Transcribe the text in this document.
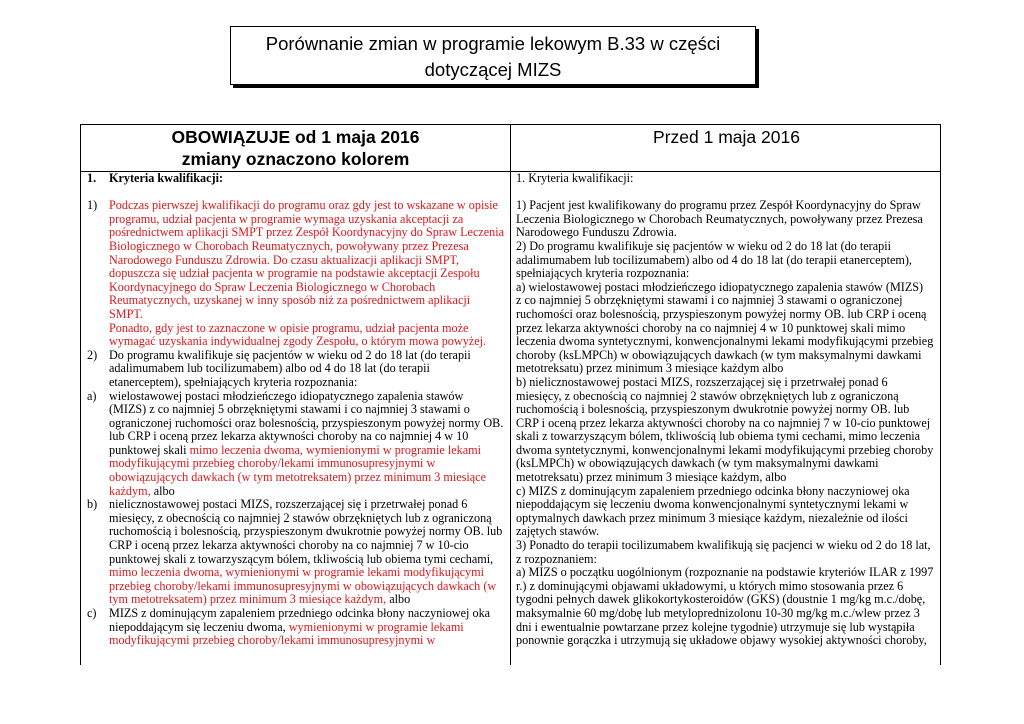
Porównanie zmian w programie lekowym B.33 w części
dotyczącej MIZS
OBOWIĄZUJE od 1 maja 2016
zmiany oznaczono kolorem
Przed 1 maja 2016
1. Kryteria kwalifikacji:
1) Podczas pierwszej kwalifikacji do programu oraz gdy jest to wskazane w opisie
programu, udział pacjenta w programie wymaga uzyskania akceptacji za
pośrednictwem aplikacji SMPT przez Zespół Koordynacyjny do Spraw Leczenia
Biologicznego w Chorobach Reumatycznych, powoływany przez Prezesa
Narodowego Funduszu Zdrowia. Do czasu aktualizacji aplikacji SMPT,
dopuszcza się udział pacjenta w programie na podstawie akceptacji Zespołu
Koordynacyjnego do Spraw Leczenia Biologicznego w Chorobach
Reumatycznych, uzyskanej w inny sposób niż za pośrednictwem aplikacji
SMPT.
Ponadto, gdy jest to zaznaczone w opisie programu, udział pacjenta może
wymagać uzyskania indywidualnej zgody Zespołu, o którym mowa powyżej.
2) Do programu kwalifikuje się pacjentów w wieku od 2 do 18 lat (do terapii
adalimumabem lub tocilizumabem) albo od 4 do 18 lat (do terapii
etanerceptem), spełniających kryteria rozpoznania:
a) wielostawowej postaci młodzieńczego idiopatycznego zapalenia stawów
(MIZS) z co najmniej 5 obrzękniętymi stawami i co najmniej 3 stawami o
ograniczonej ruchomości oraz bolesnością, przyspieszonym powyżej normy OB.
lub CRP i oceną przez lekarza aktywności choroby na co najmniej 4 w 10
punktowej skali mimo leczenia dwoma, wymienionymi w programie lekami
modyfikującymi przebieg choroby/lekami immunosupresyjnymi w
obowiązujących dawkach (w tym metotreksatem) przez minimum 3 miesiące
każdym, albo
b) nielicznostawowej postaci MIZS, rozszerzającej się i przetrwałej ponad 6
miesięcy, z obecnością co najmniej 2 stawów obrzękniętych lub z ograniczoną
ruchomością i bolesnością, przyspieszonym dwukrotnie powyżej normy OB. lub
CRP i oceną przez lekarza aktywności choroby na co najmniej 7 w 10-cio
punktowej skali z towarzyszącym bólem, tkliwością lub obiema tymi cechami,
mimo leczenia dwoma, wymienionymi w programie lekami modyfikującymi
przebieg choroby/lekami immunosupresyjnymi w obowiązujących dawkach (w
tym metotreksatem) przez minimum 3 miesiące każdym, albo
c) MIZS z dominującym zapaleniem przedniego odcinka błony naczyniowej oka
niepoddającym się leczeniu dwoma, wymienionymi w programie lekami
modyfikującymi przebieg choroby/lekami immunosupresyjnymi w
1. Kryteria kwalifikacji:
1) Pacjent jest kwalifikowany do programu przez Zespół Koordynacyjny do Spraw
Leczenia Biologicznego w Chorobach Reumatycznych, powoływany przez Prezesa
Narodowego Funduszu Zdrowia.
2) Do programu kwalifikuje się pacjentów w wieku od 2 do 18 lat (do terapii
adalimumabem lub tocilizumabem) albo od 4 do 18 lat (do terapii etanerceptem),
spełniających kryteria rozpoznania:
a) wielostawowej postaci młodzieńczego idiopatycznego zapalenia stawów (MIZS)
z co najmniej 5 obrzękniętymi stawami i co najmniej 3 stawami o ograniczonej
ruchomości oraz bolesnością, przyspieszonym powyżej normy OB. lub CRP i oceną
przez lekarza aktywności choroby na co najmniej 4 w 10 punktowej skali mimo
leczenia dwoma syntetycznymi, konwencjonalnymi lekami modyfikującymi przebieg
choroby (ksLMPCh) w obowiązujących dawkach (w tym maksymalnymi dawkami
metotreksatu) przez minimum 3 miesiące każdym albo
b) nielicznostawowej postaci MIZS, rozszerzającej się i przetrwałej ponad 6
miesięcy, z obecnością co najmniej 2 stawów obrzękniętych lub z ograniczoną
ruchomością i bolesnością, przyspieszonym dwukrotnie powyżej normy OB. lub
CRP i oceną przez lekarza aktywności choroby na co najmniej 7 w 10-cio punktowej
skali z towarzyszącym bólem, tkliwością lub obiema tymi cechami, mimo leczenia
dwoma syntetycznymi, konwencjonalnymi lekami modyfikującymi przebieg choroby
(ksLMPCh) w obowiązujących dawkach (w tym maksymalnymi dawkami
metotreksatu) przez minimum 3 miesiące każdym, albo
c) MIZS z dominującym zapaleniem przedniego odcinka błony naczyniowej oka
niepoddającym się leczeniu dwoma konwencjonalnymi syntetycznymi lekami w
optymalnych dawkach przez minimum 3 miesiące każdym, niezależnie od ilości
zajętych stawów.
3) Ponadto do terapii tocilizumabem kwalifikują się pacjenci w wieku od 2 do 18 lat,
z rozpoznaniem:
a) MIZS o początku uogólnionym (rozpoznanie na podstawie kryteriów ILAR z 1997
r.) z dominującymi objawami układowymi, u których mimo stosowania przez 6
tygodni pełnych dawek glikokortykosteroidów (GKS) (doustnie 1 mg/kg m.c./dobę,
maksymalnie 60 mg/dobę lub metyloprednizolonu 10-30 mg/kg m.c./wlew przez 3
dni i ewentualnie powtarzane przez kolejne tygodnie) utrzymuje się lub wystąpiła
ponownie gorączka i utrzymują się układowe objawy wysokiej aktywności choroby,
